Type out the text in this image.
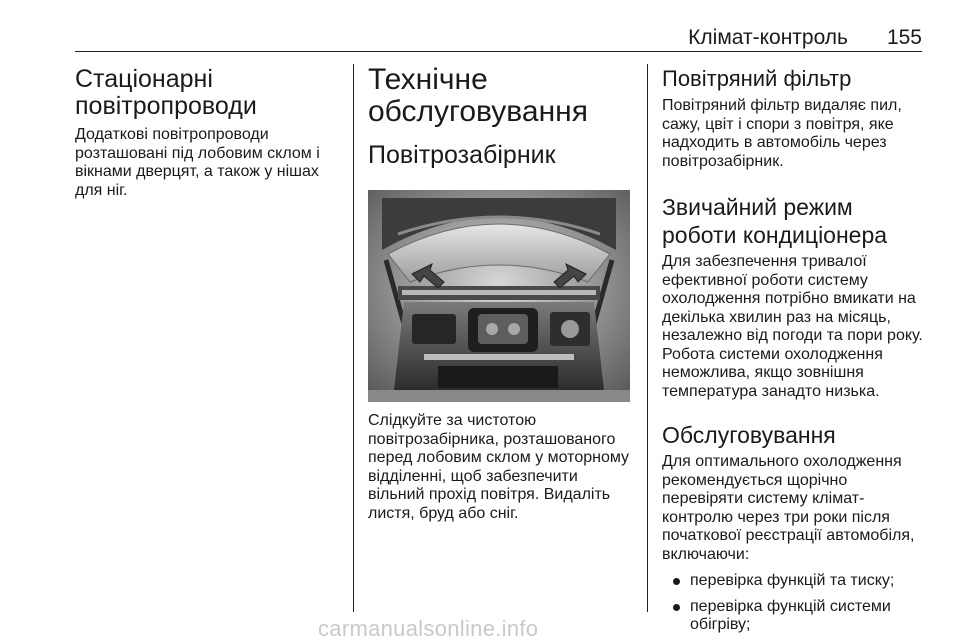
Клімат-контроль 155
Стаціонарні повітропроводи

Додаткові повітропроводи розташовані під лобовим склом і вікнами дверцят, а також у нішах для ніг.

Технічне обслуговування
Повітрозабірник

Слідкуйте за чистотою повітрозабірника, розташованого перед лобовим склом у моторному відділенні, щоб забезпечити вільний прохід повітря. Видаліть листя, бруд або сніг.

Повітряний фільтр

Повітряний фільтр видаляє пил, сажу, цвіт і спори з повітря, яке надходить в автомобіль через повітрозабірник.

Звичайний режим роботи кондиціонера

Для забезпечення тривалої ефективної роботи систему охолодження потрібно вмикати на декілька хвилин раз на місяць, незалежно від погоди та пори року. Робота системи охолодження неможлива, якщо зовнішня температура занадто низька.

Обслуговування

Для оптимального охолодження рекомендується щорічно перевіряти систему клімат-контролю через три роки після початкової реєстрації автомобіля, включаючи:

перевірка функцій та тиску;
перевірка функцій системи обігріву;
carmanualsonline.info
